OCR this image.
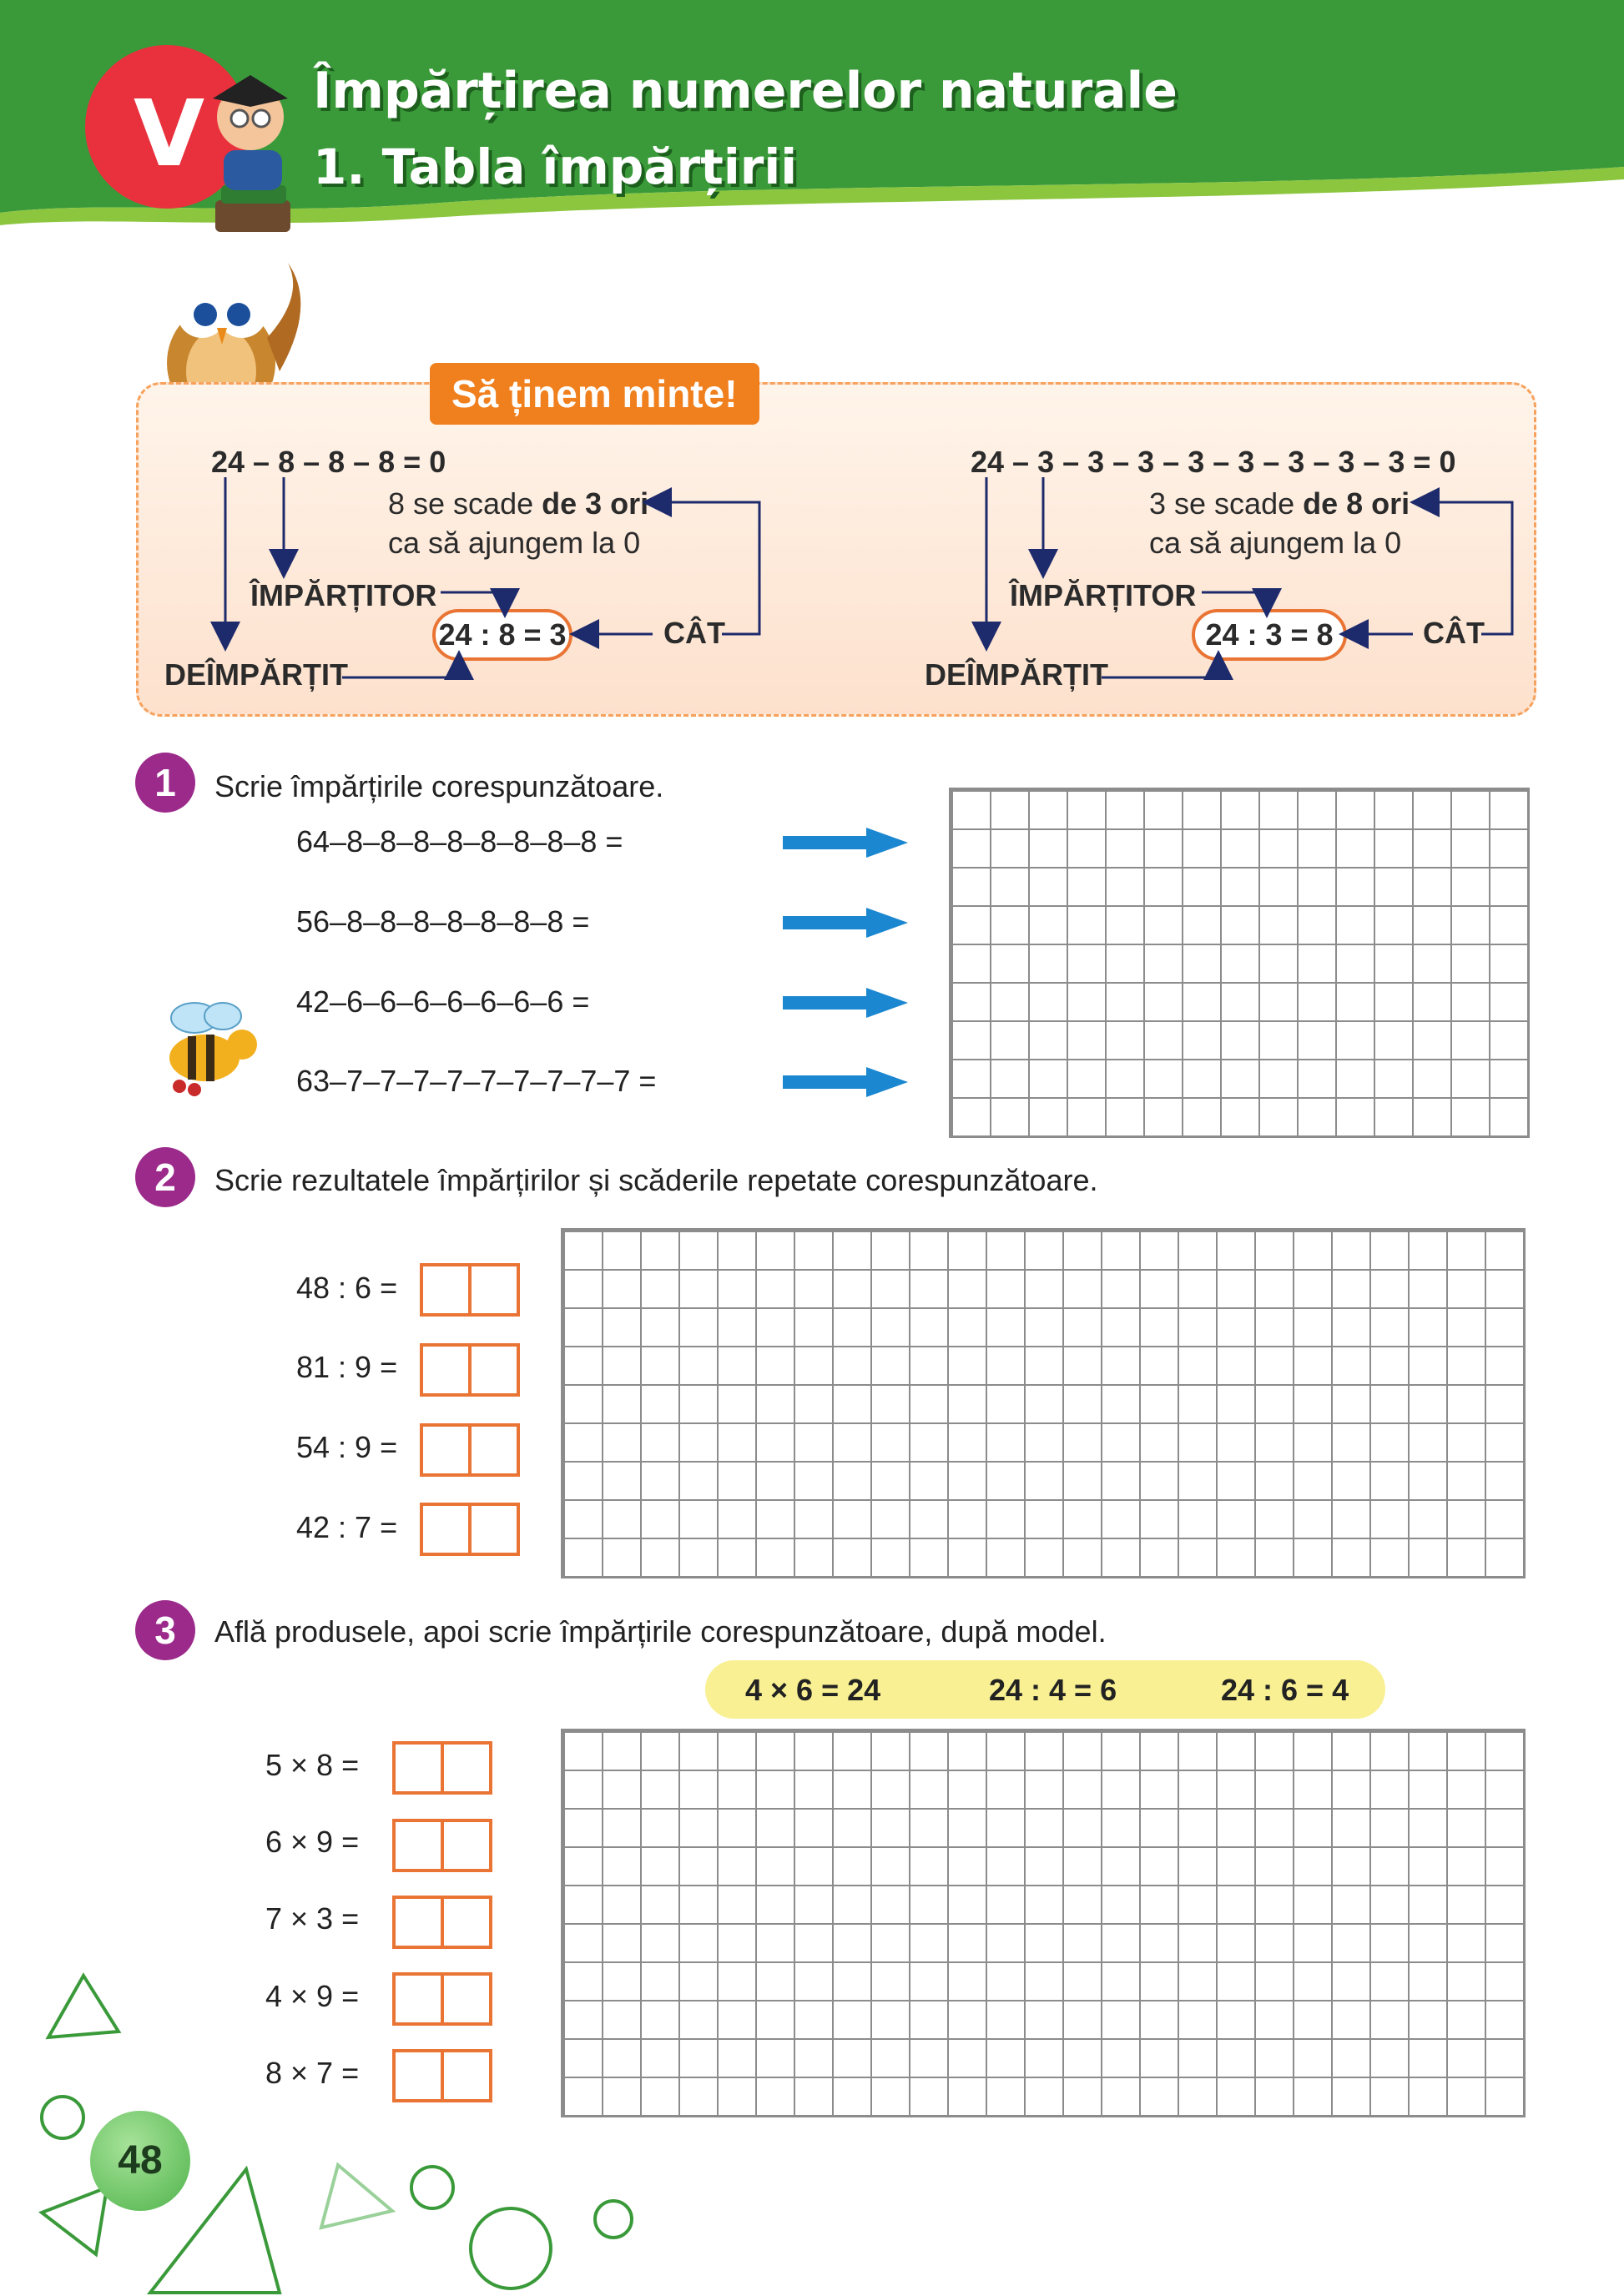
V Împărțirea numerelor naturale
1. Tabla împărțirii
Să ținem minte!
24 – 8 – 8 – 8 = 0
8 se scade de 3 ori
ca să ajungem la 0
ÎMPĂRȚITOR
DEÎMPĂRȚIT
CÂT
24 : 8 = 3
24 – 3 – 3 – 3 – 3 – 3 – 3 – 3 – 3 = 0
3 se scade de 8 ori
ca să ajungem la 0
ÎMPĂRȚITOR
DEÎMPĂRȚIT
CÂT
24 : 3 = 8
1	Scrie împărțirile corespunzătoare.
64–8–8–8–8–8–8–8–8 =
56–8–8–8–8–8–8–8 =
42–6–6–6–6–6–6–6 =
63–7–7–7–7–7–7–7–7–7 =
2	Scrie rezultatele împărțirilor și scăderile repetate corespunzătoare.
48 : 6 =
81 : 9 =
54 : 9 =
42 : 7 =
3	Află produsele, apoi scrie împărțirile corespunzătoare, după model.
4 × 6 = 24	24 : 4 = 6	24 : 6 = 4
5 × 8 =
6 × 9 =
7 × 3 =
4 × 9 =
8 × 7 =
48
